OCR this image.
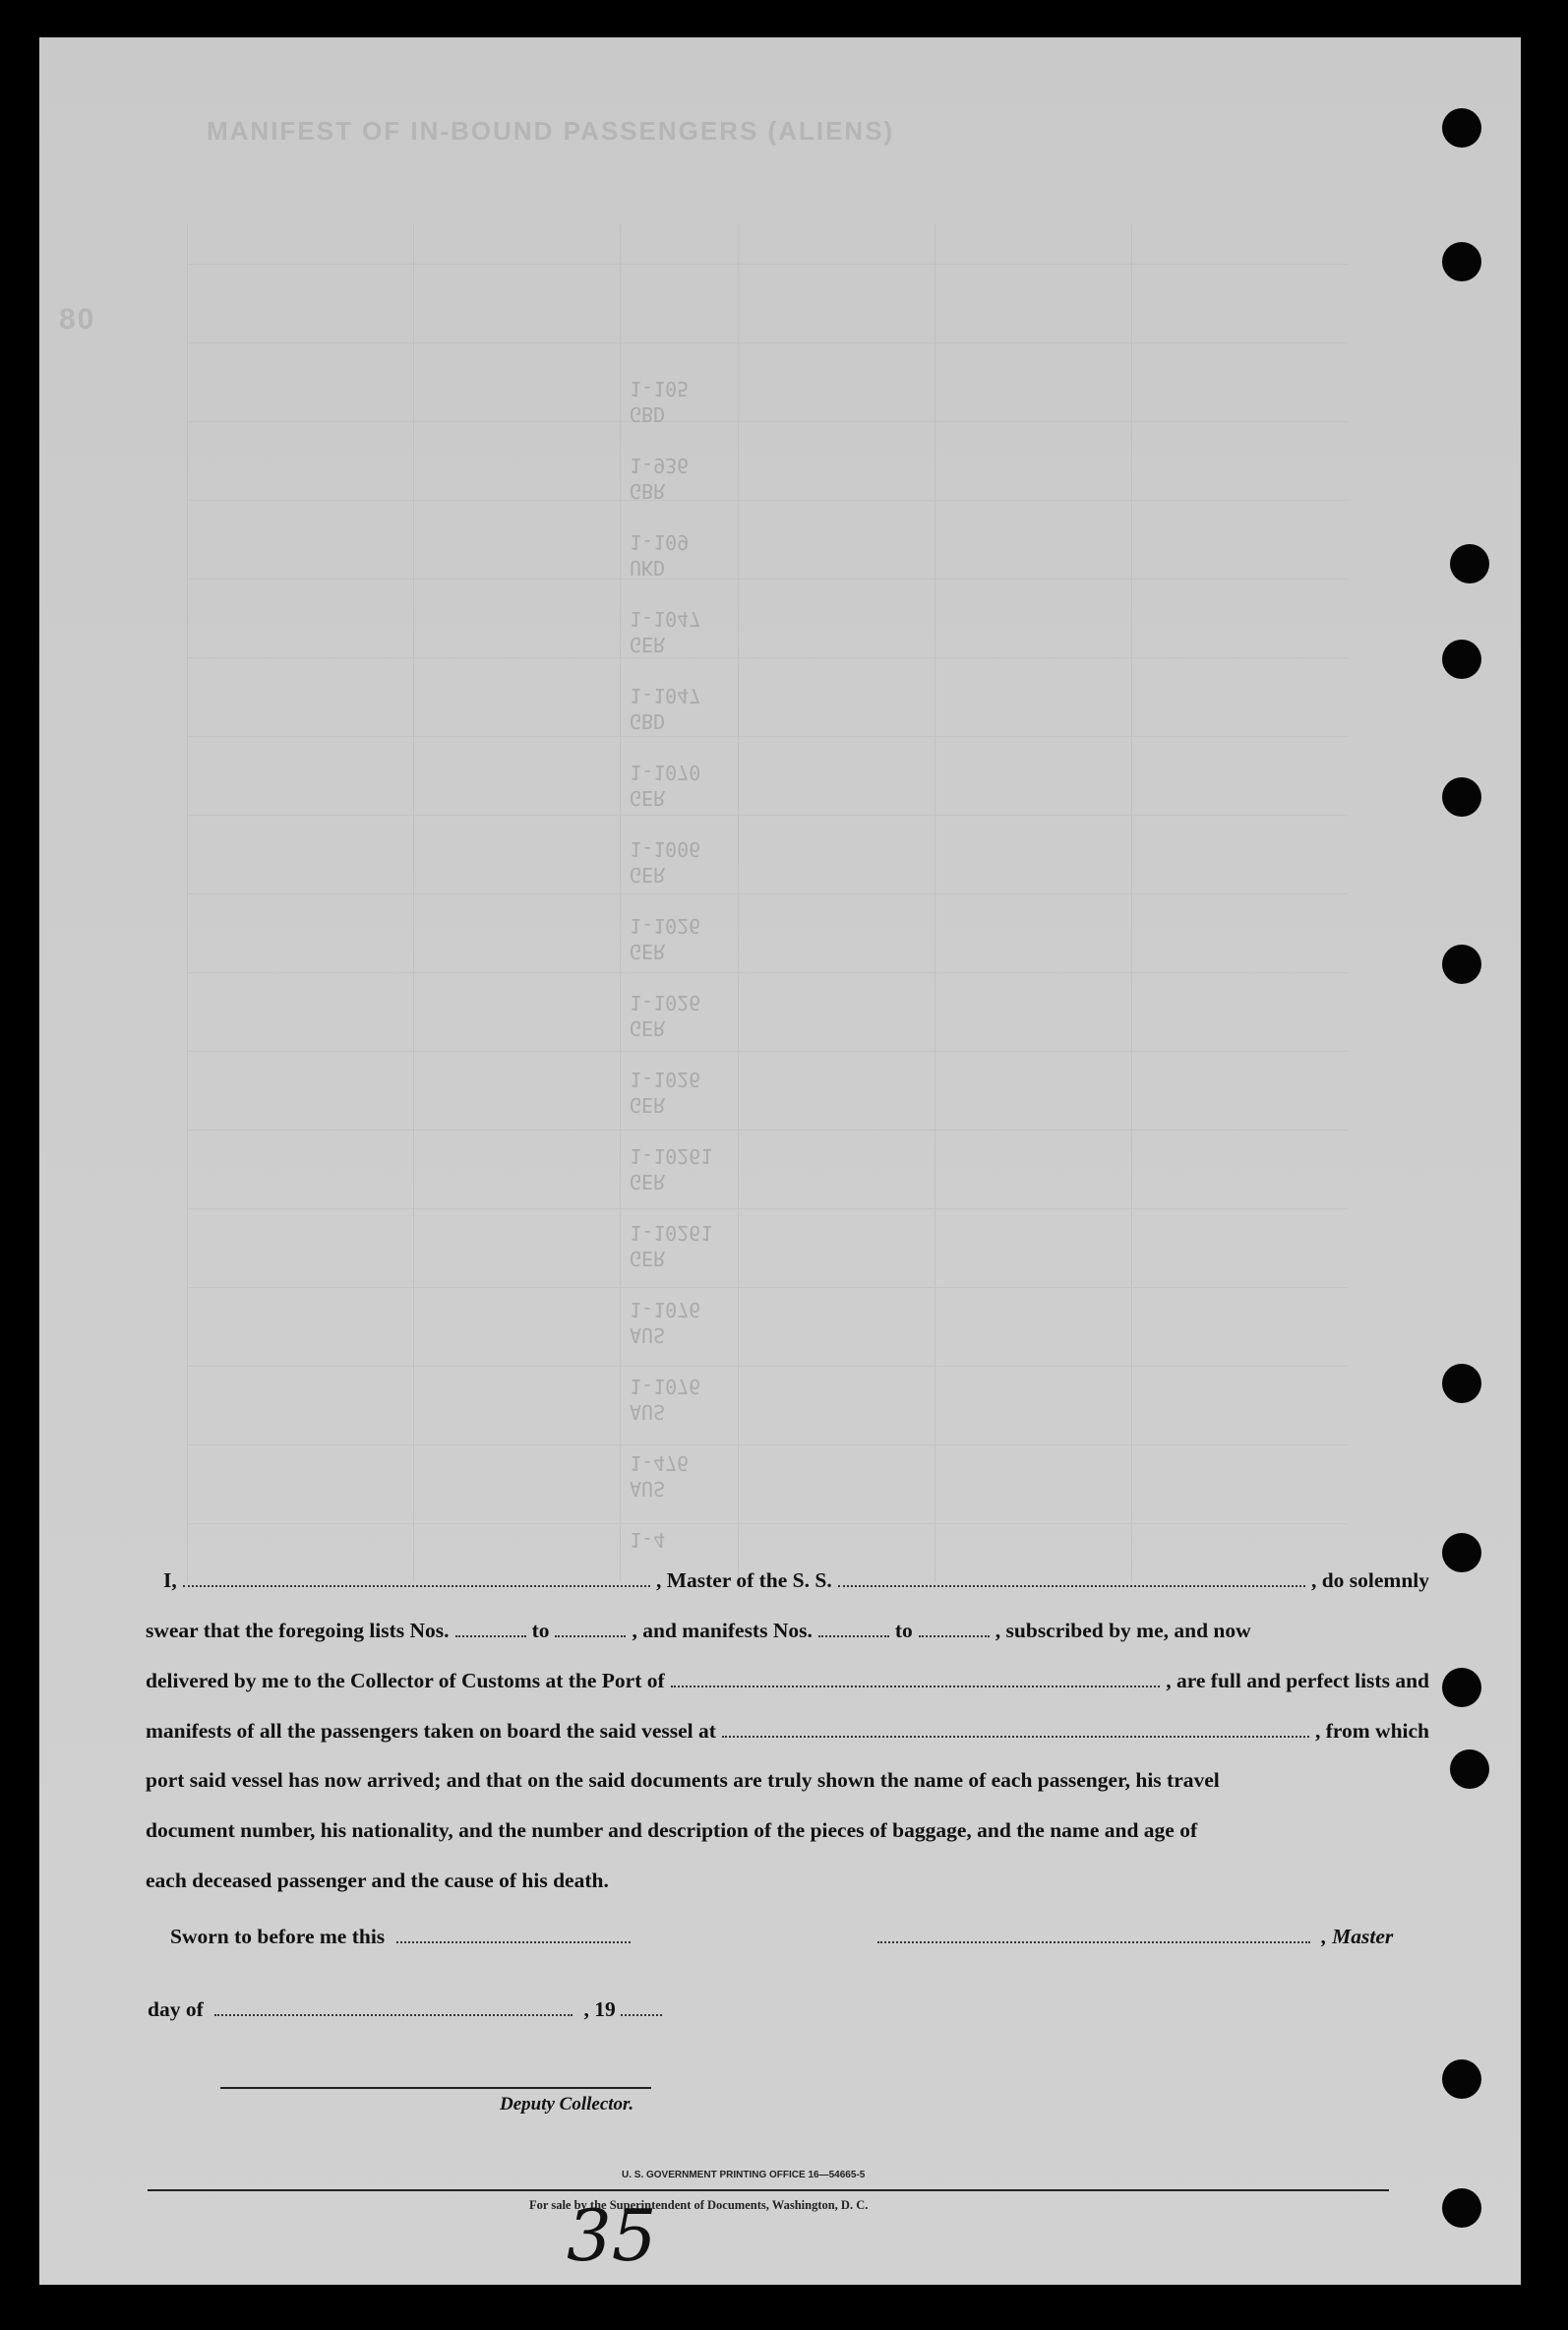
MANIFEST OF IN-BOUND PASSENGERS (ALIENS)
80
1-105
GBD
1-936
GBR
1-109
UKD
1-1047
GER
1-1047
GBD
1-1070
GER
1-1006
GER
1-1026
GER
1-1026
GER
1-1026
GER
1-10261
GER
1-10261
GER
1-1076
AUS
1-1076
AUS
1-476
AUS
1-4
I,	, Master of the S. S.	, do solemnly
swear that the foregoing lists Nos.	to	, and manifests Nos.	to	, subscribed by me, and now
delivered by me to the Collector of Customs at the Port of	, are full and perfect lists and
manifests of all the passengers taken on board the said vessel at	, from which
port said vessel has now arrived; and that on the said documents are truly shown the name of each passenger, his travel
document number, his nationality, and the number and description of the pieces of baggage, and the name and age of
each deceased passenger and the cause of his death.
Sworn to before me this	, Master
day of	, 19
Deputy Collector.
U. S. GOVERNMENT PRINTING OFFICE 16—54665-5
For sale by the Superintendent of Documents, Washington, D. C.
35
